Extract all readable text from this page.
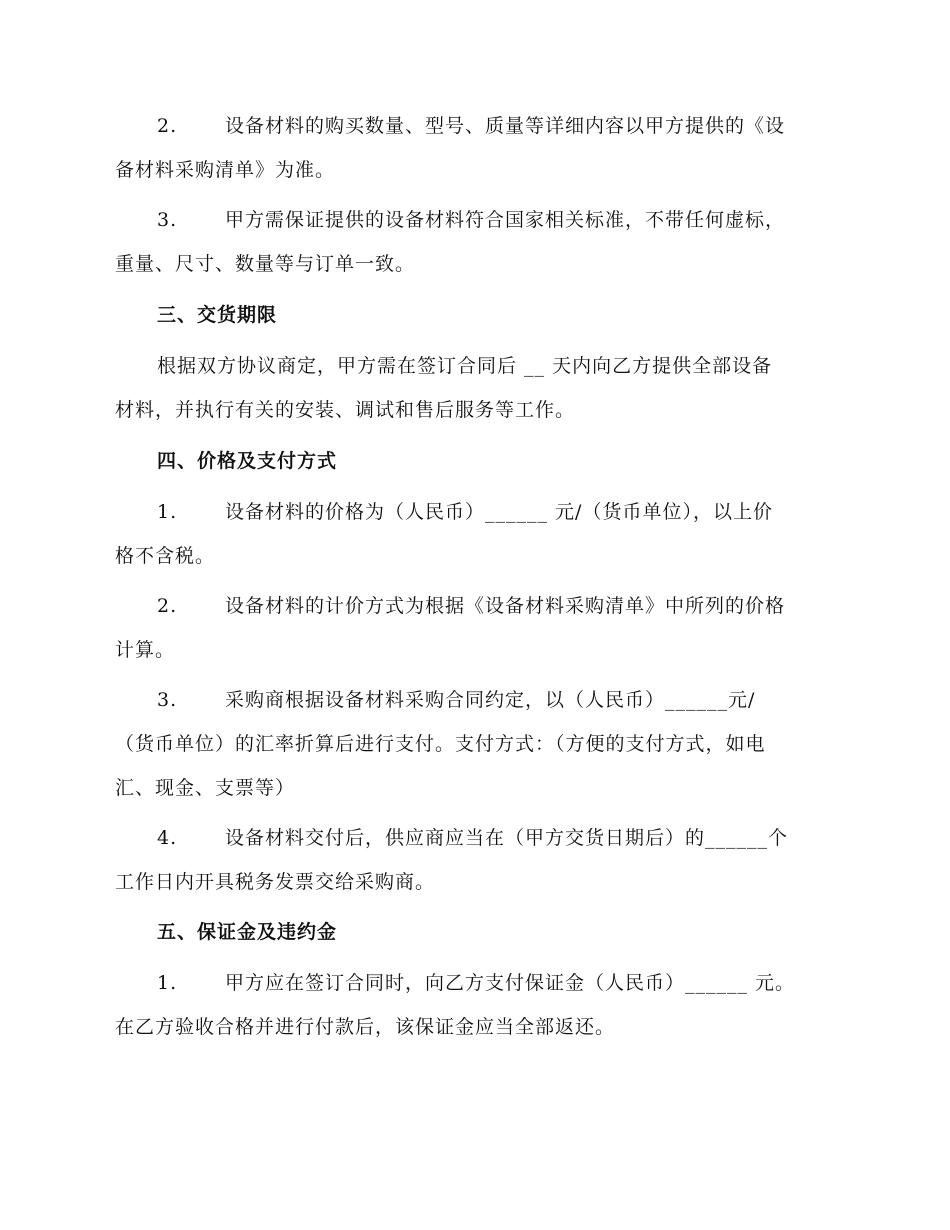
2.	设备材料的购买数量、型号、质量等详细内容以甲方提供的《设
备材料采购清单》为准。
3.	甲方需保证提供的设备材料符合国家相关标准，不带任何虚标，
重量、尺寸、数量等与订单一致。
三、交货期限
根据双方协议商定，甲方需在签订合同后 __ 天内向乙方提供全部设备
材料，并执行有关的安装、调试和售后服务等工作。
四、价格及支付方式
1.	设备材料的价格为（人民币）______ 元/（货币单位），以上价
格不含税。
2.	设备材料的计价方式为根据《设备材料采购清单》中所列的价格
计算。
3.	采购商根据设备材料采购合同约定，以（人民币）______元/
（货币单位）的汇率折算后进行支付。支付方式：（方便的支付方式，如电
汇、现金、支票等）
4.	设备材料交付后，供应商应当在（甲方交货日期后）的______个
工作日内开具税务发票交给采购商。
五、保证金及违约金
1.	甲方应在签订合同时，向乙方支付保证金（人民币）______ 元。
在乙方验收合格并进行付款后，该保证金应当全部返还。
